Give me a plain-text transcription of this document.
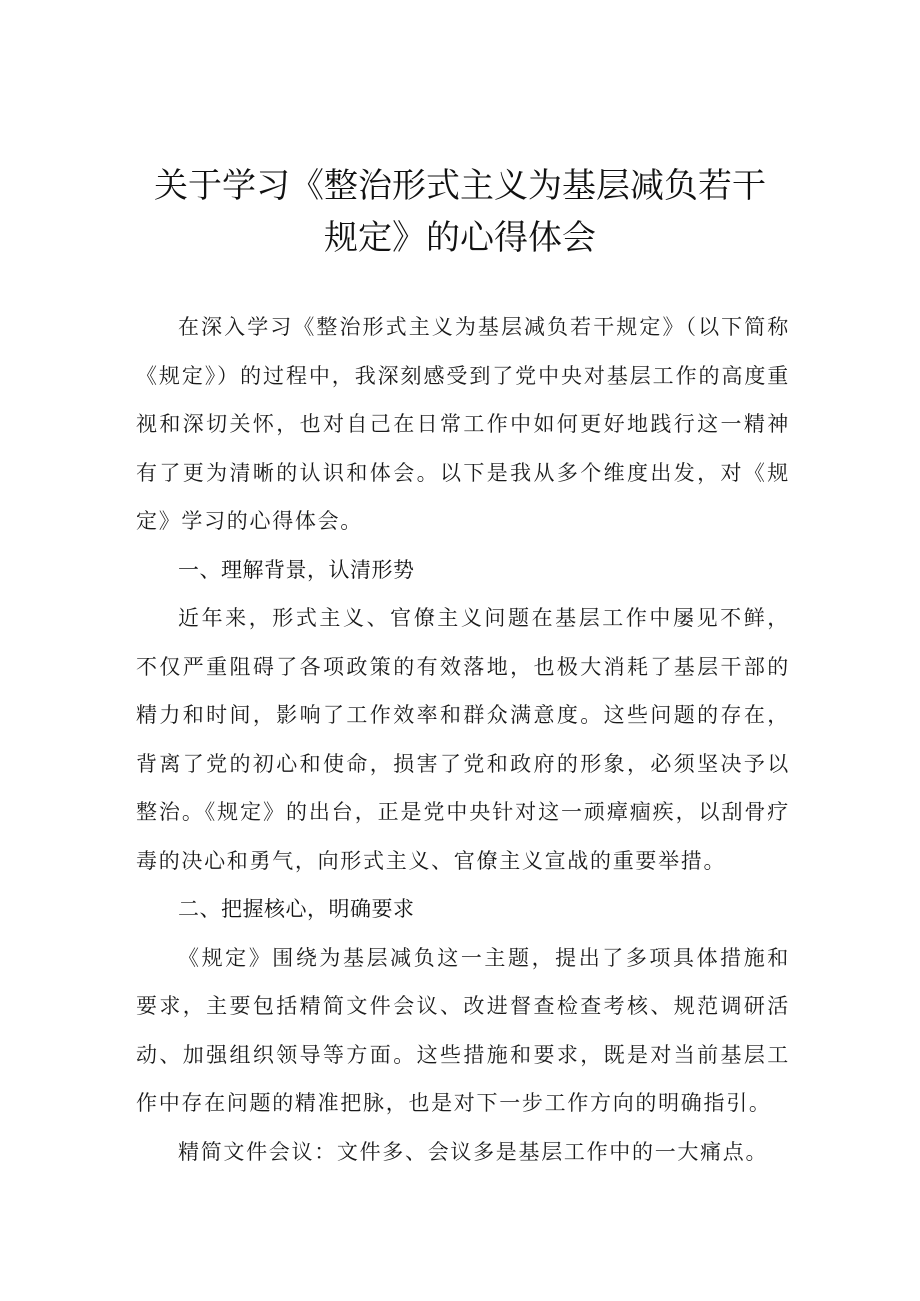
关于学习《整治形式主义为基层减负若干
规定》的心得体会

在深入学习《整治形式主义为基层减负若干规定》（以下简称《规定》）的过程中，我深刻感受到了党中央对基层工作的高度重视和深切关怀，也对自己在日常工作中如何更好地践行这一精神有了更为清晰的认识和体会。以下是我从多个维度出发，对《规定》学习的心得体会。

一、理解背景，认清形势

近年来，形式主义、官僚主义问题在基层工作中屡见不鲜，不仅严重阻碍了各项政策的有效落地，也极大消耗了基层干部的精力和时间，影响了工作效率和群众满意度。这些问题的存在，背离了党的初心和使命，损害了党和政府的形象，必须坚决予以整治。《规定》的出台，正是党中央针对这一顽瘴痼疾，以刮骨疗毒的决心和勇气，向形式主义、官僚主义宣战的重要举措。

二、把握核心，明确要求

《规定》围绕为基层减负这一主题，提出了多项具体措施和要求，主要包括精简文件会议、改进督查检查考核、规范调研活动、加强组织领导等方面。这些措施和要求，既是对当前基层工作中存在问题的精准把脉，也是对下一步工作方向的明确指引。

精简文件会议：文件多、会议多是基层工作中的一大痛点。
